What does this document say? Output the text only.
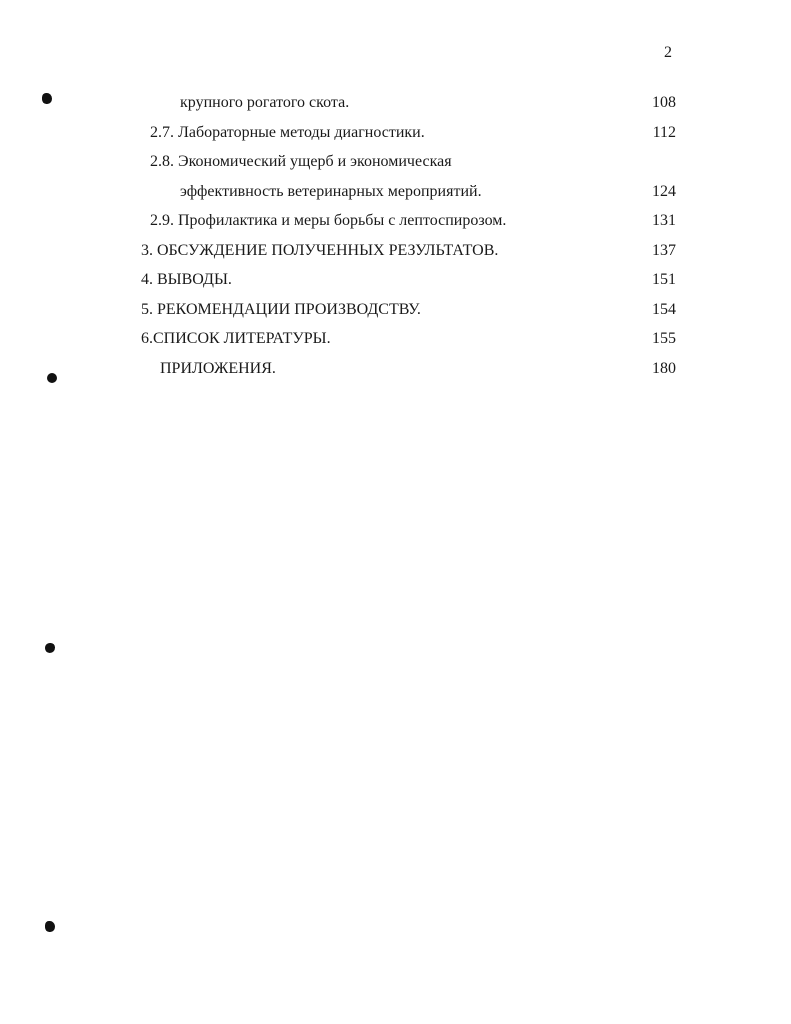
2
крупного рогатого скота.	108
2.7. Лабораторные методы диагностики.	112
2.8. Экономический ущерб и экономическая
эффективность ветеринарных мероприятий.	124
2.9. Профилактика и меры борьбы с лептоспирозом.	131
3. ОБСУЖДЕНИЕ ПОЛУЧЕННЫХ РЕЗУЛЬТАТОВ.	137
4. ВЫВОДЫ.	151
5. РЕКОМЕНДАЦИИ ПРОИЗВОДСТВУ.	154
6.СПИСОК ЛИТЕРАТУРЫ.	155
ПРИЛОЖЕНИЯ.	180
